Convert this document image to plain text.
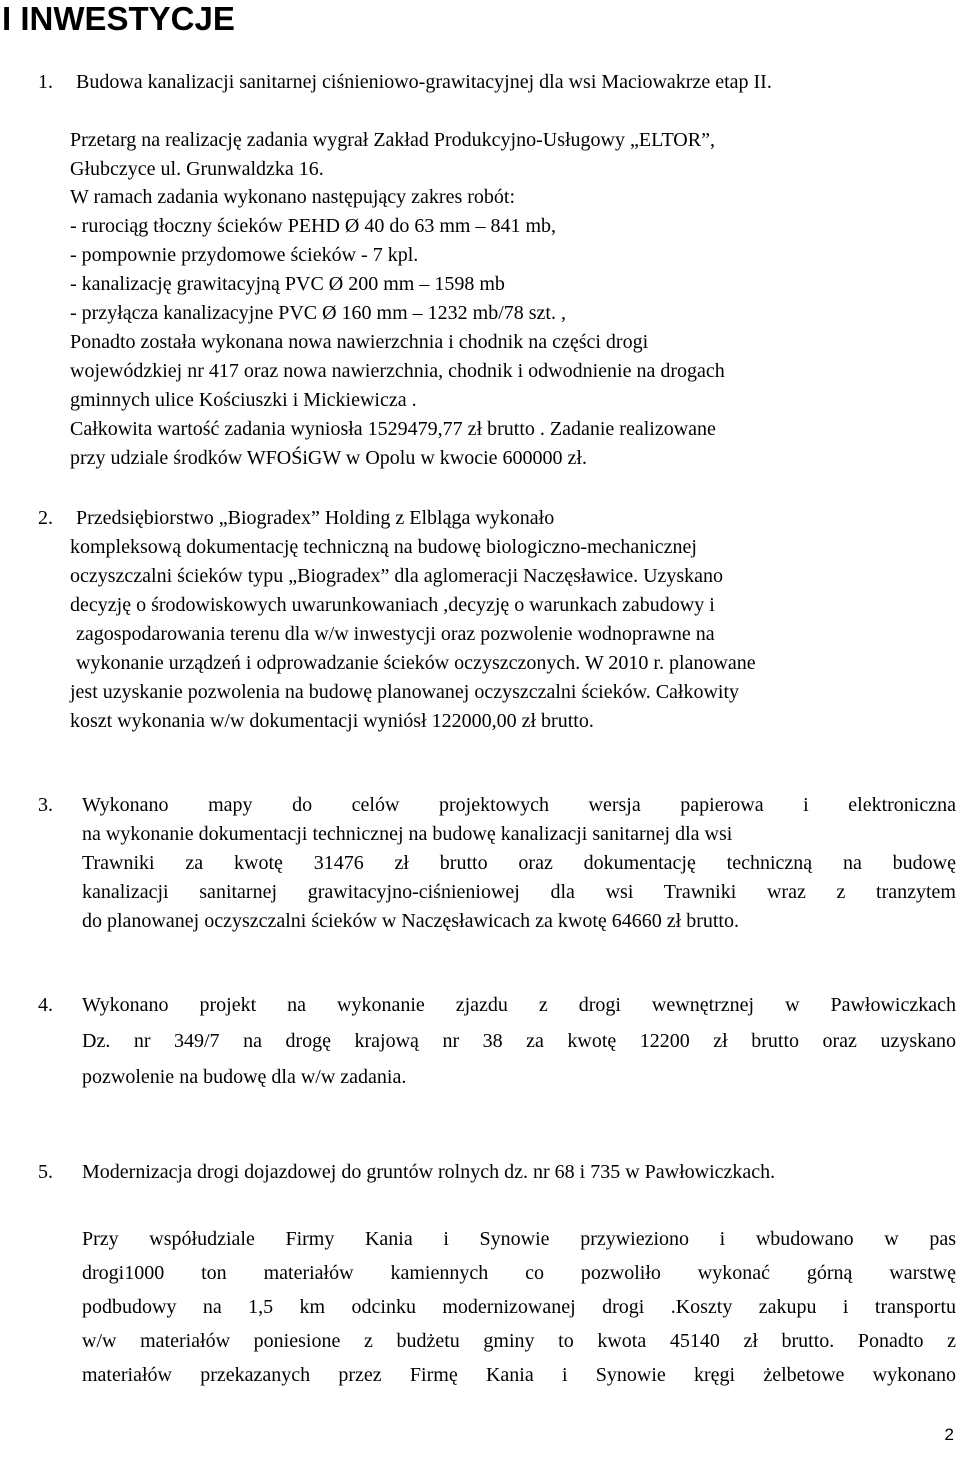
I INWESTYCJE
1. Budowa kanalizacji sanitarnej ciśnieniowo-grawitacyjnej dla wsi Maciowakrze etap II.

Przetarg na realizację zadania wygrał Zakład Produkcyjno-Usługowy „ELTOR”,

Głubczyce ul. Grunwaldzka 16.

W ramach zadania wykonano następujący zakres robót:

- rurociąg tłoczny ścieków PEHD Ø 40 do 63 mm – 841 mb,

- pompownie przydomowe ścieków - 7 kpl.

- kanalizację grawitacyjną PVC Ø 200 mm – 1598 mb

- przyłącza kanalizacyjne PVC Ø 160 mm – 1232 mb/78 szt. ,

Ponadto została wykonana nowa nawierzchnia i chodnik na części drogi

wojewódzkiej nr 417 oraz nowa nawierzchnia, chodnik i odwodnienie na drogach

gminnych ulice Kościuszki i Mickiewicza .

Całkowita wartość zadania wyniosła 1529479,77 zł brutto . Zadanie realizowane

przy udziale środków WFOŚiGW w Opolu w kwocie 600000 zł.

2. Przedsiębiorstwo „Biogradex” Holding z Elbląga wykonało

kompleksową dokumentację techniczną na budowę biologiczno-mechanicznej

oczyszczalni ścieków typu „Biogradex” dla aglomeracji Naczęsławice. Uzyskano

decyzję o środowiskowych uwarunkowaniach ,decyzję o warunkach zabudowy i

zagospodarowania terenu dla w/w inwestycji oraz pozwolenie wodnoprawne na

wykonanie urządzeń i odprowadzanie ścieków oczyszczonych. W 2010 r. planowane

jest uzyskanie pozwolenia na budowę planowanej oczyszczalni ścieków. Całkowity

koszt wykonania w/w dokumentacji wyniósł 122000,00 zł brutto.

3. Wykonano mapy do celów projektowych wersja papierowa i elektroniczna

na wykonanie dokumentacji technicznej na budowę kanalizacji sanitarnej dla wsi

Trawniki za kwotę 31476 zł brutto oraz dokumentację techniczną na budowę

kanalizacji sanitarnej grawitacyjno-ciśnieniowej dla wsi Trawniki wraz z tranzytem

do planowanej oczyszczalni ścieków w Naczęsławicach za kwotę 64660 zł brutto.

4. Wykonano projekt na wykonanie zjazdu z drogi wewnętrznej w Pawłowiczkach

Dz. nr 349/7 na drogę krajową nr 38 za kwotę 12200 zł brutto oraz uzyskano

pozwolenie na budowę dla w/w zadania.

5. Modernizacja drogi dojazdowej do gruntów rolnych dz. nr 68 i 735 w Pawłowiczkach.

Przy współudziale Firmy Kania i Synowie przywieziono i wbudowano w pas

drogi1000 ton materiałów kamiennych co pozwoliło wykonać górną warstwę

podbudowy na 1,5 km odcinku modernizowanej drogi .Koszty zakupu i transportu

w/w materiałów poniesione z budżetu gminy to kwota 45140 zł brutto. Ponadto z

materiałów przekazanych przez Firmę Kania i Synowie kręgi żelbetowe wykonano

2
